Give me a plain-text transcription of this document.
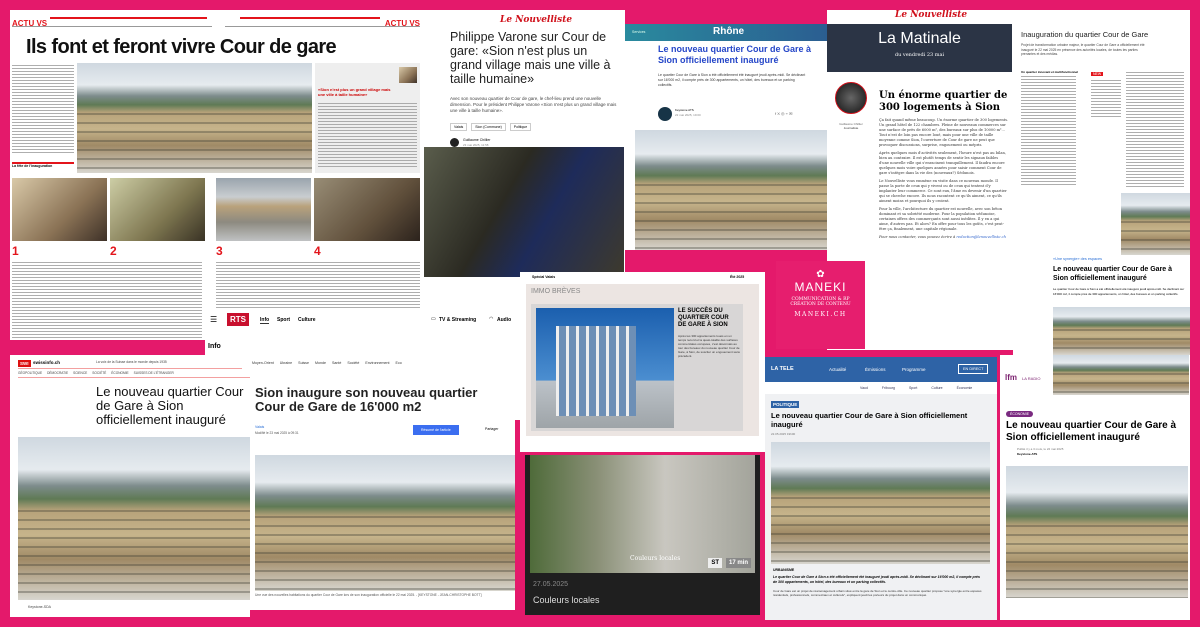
ACTU VS	ACTU VS
Ils font et feront vivre Cour de gare
La fête de l'inauguration
«Sion n'est plus un grand village mais une ville à taille humaine»
1	2	3	4
Le Nouvelliste
Philippe Varone sur Cour de gare: «Sion n'est plus un grand village mais une ville à taille humaine»
Avec son nouveau quartier de Cour de gare, le chef-lieu prend une nouvelle dimension. Pour le président Philippe Varone «Sion n'est plus un grand village mais une ville à taille humaine».
Valais	Sion (Commune)	Politique
Guillaume Chillier
23 mai 2025, 11:58
Services	Rhône
Le nouveau quartier Cour de Gare à Sion officiellement inauguré
Le quartier Cour de Gare à Sion a été officiellement été inauguré jeudi après-midi. Se déclinant sur 16'000 m2, il compte près de 300 appartements, un hôtel, des bureaux et un parking collectifs.
Keystone ATS
22 mai 2025, 19:00	f X ◎ ⌁ ✉
Le Nouvelliste
La Matinale
du vendredi 23 mai
Guillaume Chillier
Journaliste
Un énorme quartier de 300 logements à Sion

Ça fait quand même beaucoup. Un énorme quartier de 300 logements. Un grand hôtel de 122 chambres. Pleine de nouveaux commerces sur une surface de près de 6000 m², des bureaux sur plus de 10000 m²... Tout n'est de loin pas encore loué, mais pour une ville de taille moyenne comme Sion, l'ouverture de Cour de gare ne peut que provoquer discussions, surprise, engouement ou mépris.

Après quelques mois d'activités seulement, l'heure n'est pas au bilan, bien au contraire. Il est plutôt temps de sentir les signaux faibles d'une nouvelle ville qui s'enracinent tranquillement. Il faudra encore quelques mois voire quelques années pour saisir comment Cour de gare s'intègre dans la vie des (nouveaux?) Sédunois.

Le Nouvelliste vous emmène en visite dans ce nouveau monde. Il passe la porte de ceux qui y vivent ou de ceux qui tentent d'y implanter leur commerce. Ce sont eux, l'âme en devenir d'un quartier qui se cherche encore. Ils nous racontent ce qu'ils aiment, ce qu'ils aiment moins et pourquoi ils y croient.

Pour la ville, l'architecture du quartier est nouvelle, avec son béton dominant et sa sobriété moderne. Pour la population sédunoise, certaines offres des commerçants sont aussi inédites. Il y en a qui aime, d'autres pas. Et alors? En offre pour tous les goûts, c'est peut-être ça, finalement, une capitale régionale.

Pour nous contacter, vous pouvez écrire à redaction@lenouvelliste.ch

Inauguration du quartier Cour de Gare
Projet de transformation urbaine majeur, le quartier Cour de Gare a officiellement été inauguré le 22 mai 2025 en présence des autorités locales, de toutes les parties prenantes et des médias.
Un quartier innovant et multifonctionnel	NEW
«Une synergie» des espaces
Le nouveau quartier Cour de Gare à Sion officiellement inauguré
Le quartier Cour de Gare à Sion a été officiellement été inauguré jeudi après-midi. Se déclinant sur 16'000 m2, il compte près de 300 appartements, un hôtel, des bureaux et un parking collectifs.
✿
MANEKI
COMMUNICATION & RP
CRÉATION DE CONTENU
MANEKI.CH
☰	RTS	Info Sport Culture	▭ TV & Streaming	◠ Audio
Info
SWI	swissinfo.ch	La voix de la Suisse dans le monde depuis 1935
GÉOPOLITIQUE DÉMOCRATIE SCIENCE SOCIÉTÉ ÉCONOMIE SUISSES DE L'ÉTRANGER
Le nouveau quartier Cour de Gare à Sion officiellement inauguré
Keystone-SDA
Moyen-Orient Ukraine Suisse Monde Santé Société Environnement Eco
Sion inaugure son nouveau quartier Cour de Gare de 16'000 m2
Valais
Modifié le 23 mai 2025 à 09:31
Résumé de l'article	Partager
Une vue des nouvelles habitations du quartier Cour de Gare lors de son inauguration officielle le 22 mai 2025. - [KEYSTONE - JEAN-CHRISTOPHE BOTT]
Spécial Valais	Été 2025
IMMO BRÈVES
LE SUCCÈS DU QUARTIER COUR DE GARE À SION
Après les 300 appartements loués en un temps record et la quasi-totalité des surfaces commerciales occupées, c'est désormais au tour des bureaux du nouveau quartier Cour de Gare, à Sion, de susciter un engouement sans précédent.
Couleurs locales
ST	17 min
27.05.2025
Couleurs locales
LA TELE	Actualité	Émissions	Programme	EN DIRECT
Vaud	Fribourg	Sport	Culture	Économie
POLITIQUE
Le nouveau quartier Cour de Gare à Sion officiellement inauguré
22.05.2025 19h00
URBANISME
Le quartier Cour de Gare à Sion a été officiellement été inauguré jeudi après-midi. Se déclinant sur 16'000 m2, il compte près de 300 appartements, un hôtel, des bureaux et un parking collectifs.
Cour de Gare est un projet de réaménagement urbain situé entre la gare de Sion et le centre-ville. Ce nouveau quartier propose "une synergie entre espaces résidentiels, professionnels, commerciaux et culturels", expliquent jeudi les porteurs du projet dans un communiqué.
lfm LA RADIO
ÉCONOMIE
Le nouveau quartier Cour de Gare à Sion officiellement inauguré
Publié il y a 3 mois, le 22 mai 2025
Keystone-ATS
